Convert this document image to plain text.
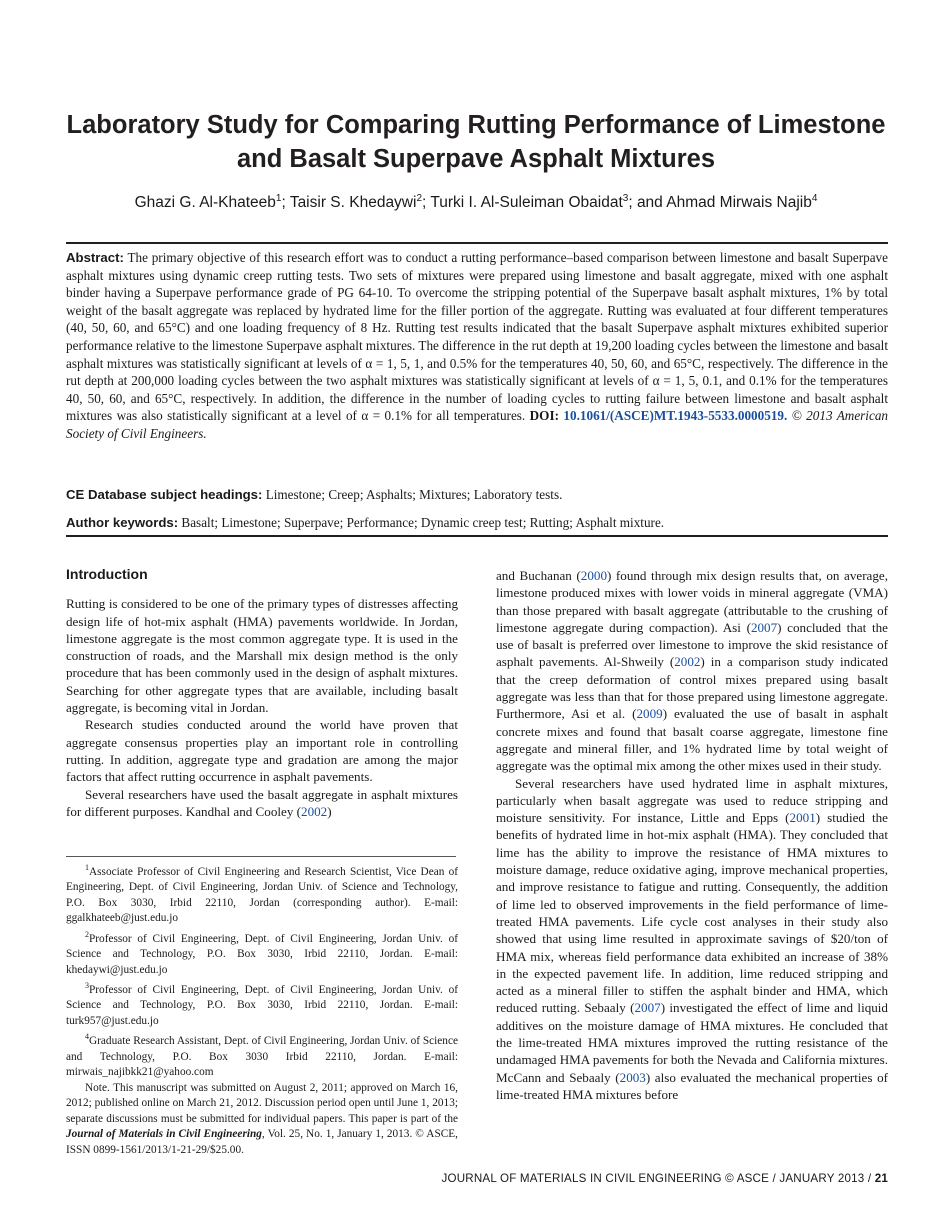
Laboratory Study for Comparing Rutting Performance of Limestone and Basalt Superpave Asphalt Mixtures
Ghazi G. Al-Khateeb$^1$; Taisir S. Khedaywi$^2$; Turki I. Al-Suleiman Obaidat$^3$; and Ahmad Mirwais Najib$^4$
Abstract: The primary objective of this research effort was to conduct a rutting performance–based comparison between limestone and basalt Superpave asphalt mixtures using dynamic creep rutting tests. Two sets of mixtures were prepared using limestone and basalt aggregate, mixed with one asphalt binder having a Superpave performance grade of PG 64-10. To overcome the stripping potential of the Superpave basalt asphalt mixtures, 1% by total weight of the basalt aggregate was replaced by hydrated lime for the filler portion of the aggregate. Rutting was evaluated at four different temperatures (40, 50, 60, and 65°C) and one loading frequency of 8 Hz. Rutting test results indicated that the basalt Superpave asphalt mixtures exhibited superior performance relative to the limestone Superpave asphalt mixtures. The difference in the rut depth at 19,200 loading cycles between the limestone and basalt asphalt mixtures was statistically significant at levels of α = 1, 5, 1, and 0.5% for the temperatures 40, 50, 60, and 65°C, respectively. The difference in the rut depth at 200,000 loading cycles between the two asphalt mixtures was statistically significant at levels of α = 1, 5, 0.1, and 0.1% for the temperatures 40, 50, 60, and 65°C, respectively. In addition, the difference in the number of loading cycles to rutting failure between limestone and basalt asphalt mixtures was also statistically significant at a level of α = 0.1% for all temperatures. DOI: 10.1061/(ASCE)MT.1943-5533.0000519. © 2013 American Society of Civil Engineers.
CE Database subject headings: Limestone; Creep; Asphalts; Mixtures; Laboratory tests.
Author keywords: Basalt; Limestone; Superpave; Performance; Dynamic creep test; Rutting; Asphalt mixture.
Introduction

Rutting is considered to be one of the primary types of distresses affecting design life of hot-mix asphalt (HMA) pavements worldwide. In Jordan, limestone aggregate is the most common aggregate type. It is used in the construction of roads, and the Marshall mix design method is the only procedure that has been commonly used in the design of asphalt mixtures. Searching for other aggregate types that are available, including basalt aggregate, is becoming vital in Jordan.

Research studies conducted around the world have proven that aggregate consensus properties play an important role in controlling rutting. In addition, aggregate type and gradation are among the major factors that affect rutting occurrence in asphalt pavements.

Several researchers have used the basalt aggregate in asphalt mixtures for different purposes. Kandhal and Cooley (2002)

$^1$Associate Professor of Civil Engineering and Research Scientist, Vice Dean of Engineering, Dept. of Civil Engineering, Jordan Univ. of Science and Technology, P.O. Box 3030, Irbid 22110, Jordan (corresponding author). E-mail: ggalkhateeb@just.edu.jo

$^2$Professor of Civil Engineering, Dept. of Civil Engineering, Jordan Univ. of Science and Technology, P.O. Box 3030, Irbid 22110, Jordan. E-mail: khedaywi@just.edu.jo

$^3$Professor of Civil Engineering, Dept. of Civil Engineering, Jordan Univ. of Science and Technology, P.O. Box 3030, Irbid 22110, Jordan. E-mail: turk957@just.edu.jo

$^4$Graduate Research Assistant, Dept. of Civil Engineering, Jordan Univ. of Science and Technology, P.O. Box 3030 Irbid 22110, Jordan. E-mail: mirwais_najibkk21@yahoo.com

Note. This manuscript was submitted on August 2, 2011; approved on March 16, 2012; published online on March 21, 2012. Discussion period open until June 1, 2013; separate discussions must be submitted for individual papers. This paper is part of the Journal of Materials in Civil Engineering, Vol. 25, No. 1, January 1, 2013. © ASCE, ISSN 0899-1561/2013/1-21-29/$25.00.

and Buchanan (2000) found through mix design results that, on average, limestone produced mixes with lower voids in mineral aggregate (VMA) than those prepared with basalt aggregate (attributable to the crushing of limestone aggregate during compaction). Asi (2007) concluded that the use of basalt is preferred over limestone to improve the skid resistance of asphalt pavements. Al-Shweily (2002) in a comparison study indicated that the creep deformation of control mixes prepared using basalt aggregate was less than that for those prepared using limestone aggregate. Furthermore, Asi et al. (2009) evaluated the use of basalt in asphalt concrete mixes and found that basalt coarse aggregate, limestone fine aggregate and mineral filler, and 1% hydrated lime by total weight of aggregate was the optimal mix among the other mixes used in their study.

Several researchers have used hydrated lime in asphalt mixtures, particularly when basalt aggregate was used to reduce stripping and moisture sensitivity. For instance, Little and Epps (2001) studied the benefits of hydrated lime in hot-mix asphalt (HMA). They concluded that lime has the ability to improve the resistance of HMA mixtures to moisture damage, reduce oxidative aging, improve mechanical properties, and improve resistance to fatigue and rutting. Consequently, the addition of lime led to observed improvements in the field performance of lime-treated HMA pavements. Life cycle cost analyses in their study also showed that using lime resulted in approximate savings of $20/ton of HMA mix, whereas field performance data exhibited an increase of 38% in the expected pavement life. In addition, lime reduced stripping and acted as a mineral filler to stiffen the asphalt binder and HMA, which reduced rutting. Sebaaly (2007) investigated the effect of lime and liquid additives on the moisture damage of HMA mixtures. He concluded that the lime-treated HMA mixtures improved the rutting resistance of the undamaged HMA pavements for both the Nevada and California mixtures. McCann and Sebaaly (2003) also evaluated the mechanical properties of lime-treated HMA mixtures before

JOURNAL OF MATERIALS IN CIVIL ENGINEERING © ASCE / JANUARY 2013 / 21
